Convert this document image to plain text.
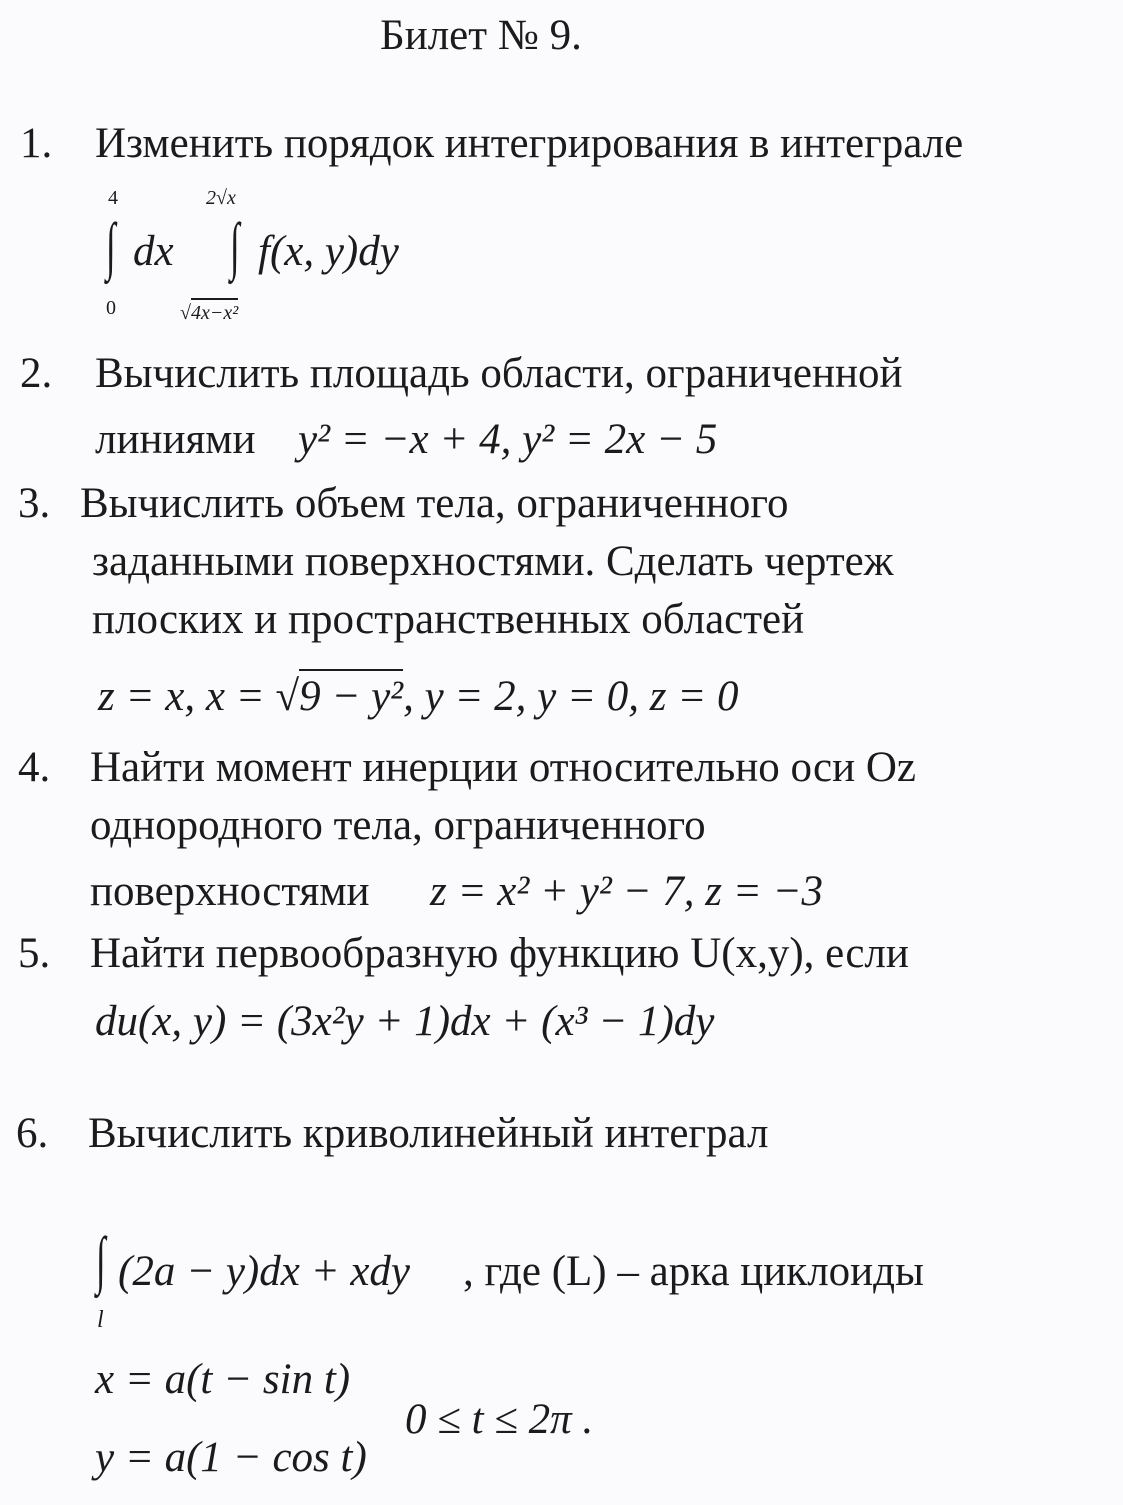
Билет № 9.
1. Изменить порядок интегрирования в интеграле
4
∫ dx
0
2√x
∫ f(x, y)dy
√4x−x²
2. Вычислить площадь области, ограниченной
линиями y² = −x + 4, y² = 2x − 5
3. Вычислить объем тела, ограниченного
заданными поверхностями. Сделать чертеж
плоских и пространственных областей
z = x, x = √9 − y², y = 2, y = 0, z = 0
4. Найти момент инерции относительно оси Oz
однородного тела, ограниченного
поверхностями z = x² + y² − 7, z = −3
5. Найти первообразную функцию U(x,y), если
du(x, y) = (3x²y + 1)dx + (x³ − 1)dy
6. Вычислить криволинейный интеграл
∫
l
(2a − y)dx + xdy , где (L) – арка циклоиды
x = a(t − sin t)
y = a(1 − cos t)
0 ≤ t ≤ 2π .
